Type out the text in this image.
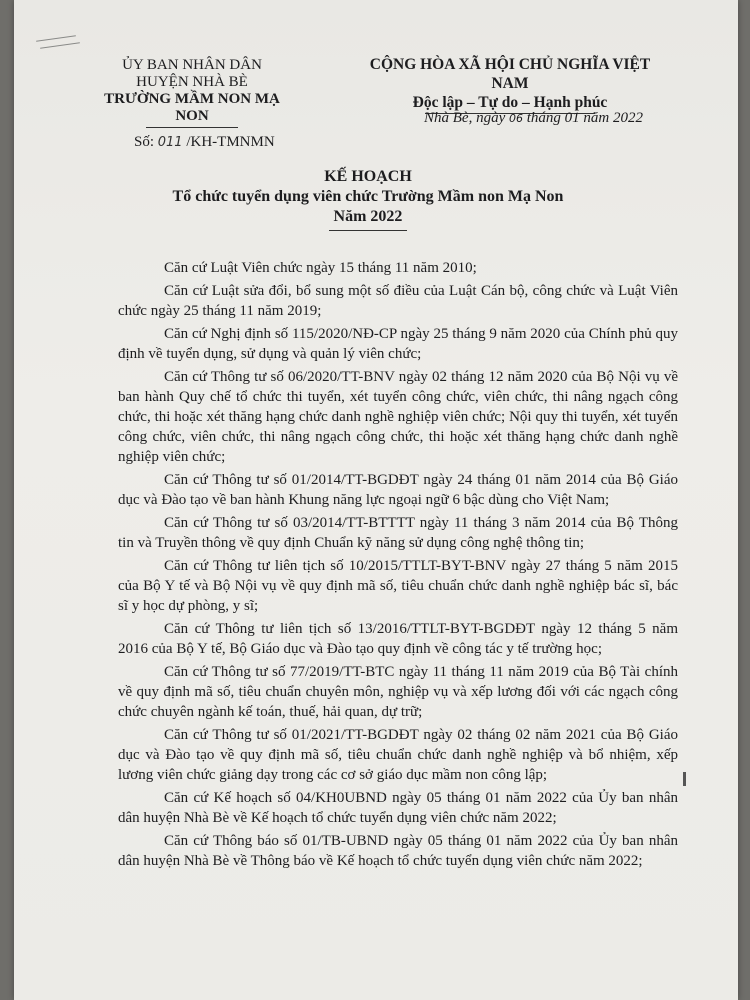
ỦY BAN NHÂN DÂN
HUYỆN NHÀ BÈ
TRƯỜNG MẦM NON MẠ NON
Số: 011 /KH-TMNMN
CỘNG HÒA XÃ HỘI CHỦ NGHĨA VIỆT NAM
Độc lập – Tự do – Hạnh phúc
Nhà Bè, ngày 06 tháng 01 năm 2022
KẾ HOẠCH
Tổ chức tuyển dụng viên chức Trường Mầm non Mạ Non
Năm 2022

Căn cứ Luật Viên chức ngày 15 tháng 11 năm 2010;

Căn cứ Luật sửa đổi, bổ sung một số điều của Luật Cán bộ, công chức và Luật Viên chức ngày 25 tháng 11 năm 2019;

Căn cứ Nghị định số 115/2020/NĐ-CP ngày 25 tháng 9 năm 2020 của Chính phủ quy định về tuyển dụng, sử dụng và quản lý viên chức;

Căn cứ Thông tư số 06/2020/TT-BNV ngày 02 tháng 12 năm 2020 của Bộ Nội vụ về ban hành Quy chế tổ chức thi tuyển, xét tuyển công chức, viên chức, thi nâng ngạch công chức, thi hoặc xét thăng hạng chức danh nghề nghiệp viên chức; Nội quy thi tuyển, xét tuyển công chức, viên chức, thi nâng ngạch công chức, thi hoặc xét thăng hạng chức danh nghề nghiệp viên chức;

Căn cứ Thông tư số 01/2014/TT-BGDĐT ngày 24 tháng 01 năm 2014 của Bộ Giáo dục và Đào tạo về ban hành Khung năng lực ngoại ngữ 6 bậc dùng cho Việt Nam;

Căn cứ Thông tư số 03/2014/TT-BTTTT ngày 11 tháng 3 năm 2014 của Bộ Thông tin và Truyền thông về quy định Chuẩn kỹ năng sử dụng công nghệ thông tin;

Căn cứ Thông tư liên tịch số 10/2015/TTLT-BYT-BNV ngày 27 tháng 5 năm 2015 của Bộ Y tế và Bộ Nội vụ về quy định mã số, tiêu chuẩn chức danh nghề nghiệp bác sĩ, bác sĩ y học dự phòng, y sĩ;

Căn cứ Thông tư liên tịch số 13/2016/TTLT-BYT-BGDĐT ngày 12 tháng 5 năm 2016 của Bộ Y tế, Bộ Giáo dục và Đào tạo quy định về công tác y tế trường học;

Căn cứ Thông tư số 77/2019/TT-BTC ngày 11 tháng 11 năm 2019 của Bộ Tài chính về quy định mã số, tiêu chuẩn chuyên môn, nghiệp vụ và xếp lương đối với các ngạch công chức chuyên ngành kế toán, thuế, hải quan, dự trữ;

Căn cứ Thông tư số 01/2021/TT-BGDĐT ngày 02 tháng 02 năm 2021 của Bộ Giáo dục và Đào tạo về quy định mã số, tiêu chuẩn chức danh nghề nghiệp và bổ nhiệm, xếp lương viên chức giảng dạy trong các cơ sở giáo dục mầm non công lập;

Căn cứ Kế hoạch số 04/KH0UBND ngày 05 tháng 01 năm 2022 của Ủy ban nhân dân huyện Nhà Bè về Kế hoạch tổ chức tuyển dụng viên chức năm 2022;

Căn cứ Thông báo số 01/TB-UBND ngày 05 tháng 01 năm 2022 của Ủy ban nhân dân huyện Nhà Bè về Thông báo về Kế hoạch tổ chức tuyển dụng viên chức năm 2022;
